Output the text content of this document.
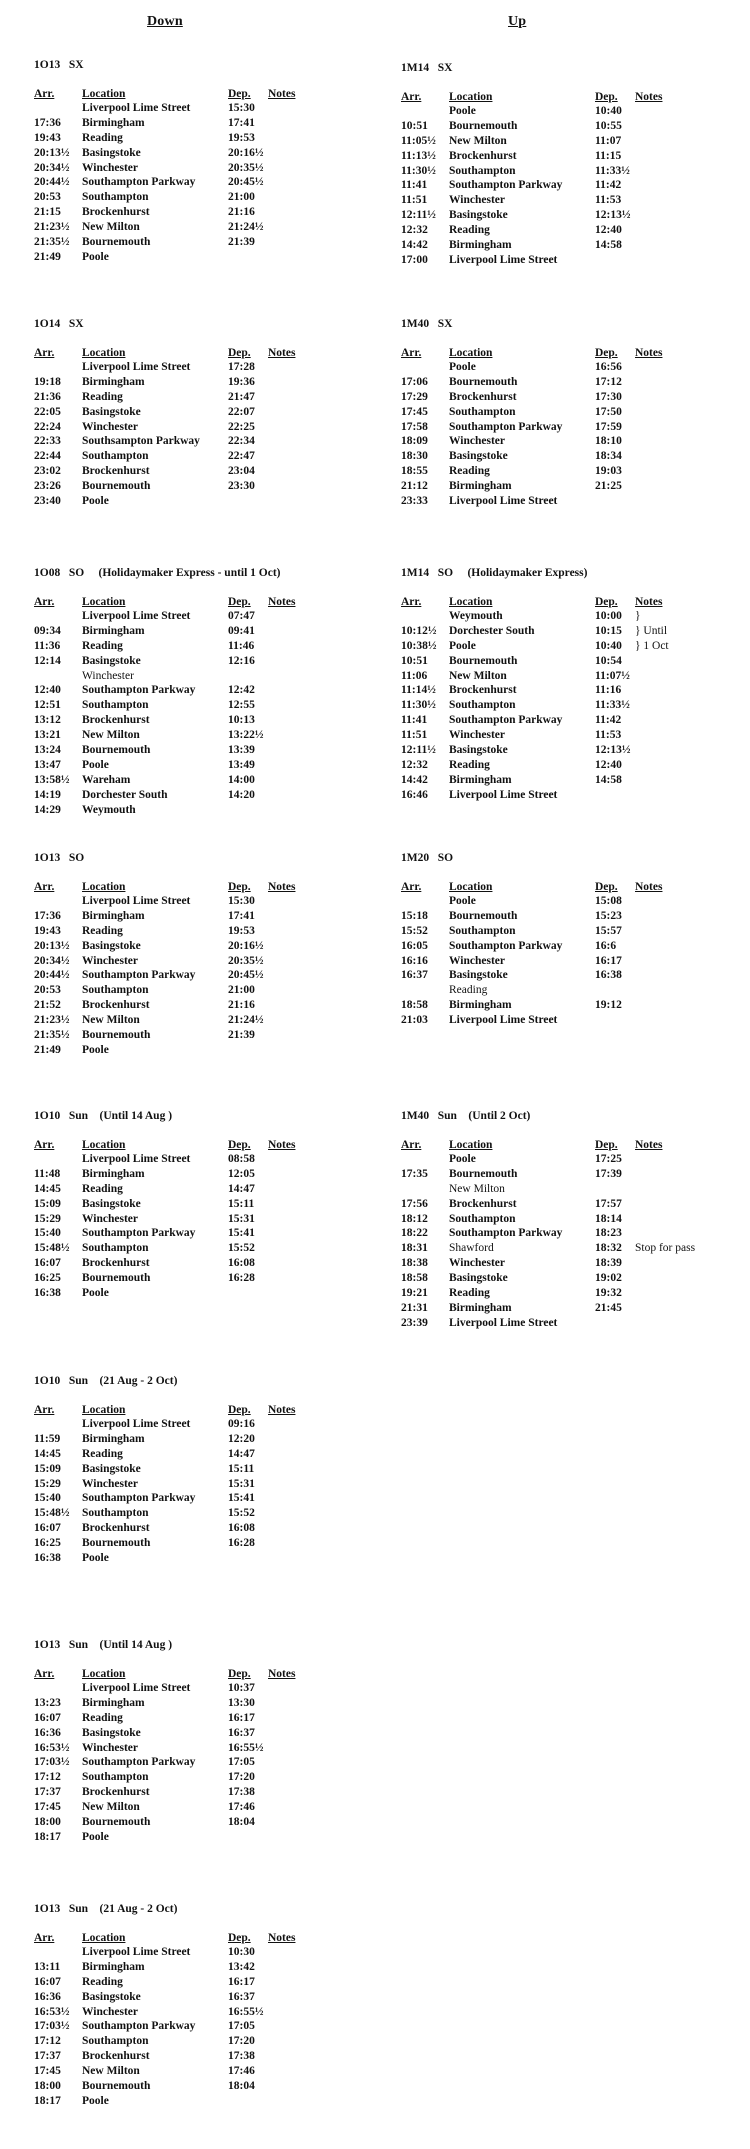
Down	Up
1O13   SX
Arr.	Location	Dep.	Notes
Liverpool Lime Street	15:30
17:36	Birmingham	17:41
19:43	Reading	19:53
20:13½	Basingstoke	20:16½
20:34½	Winchester	20:35½
20:44½	Southampton Parkway	20:45½
20:53	Southampton	21:00
21:15	Brockenhurst	21:16
21:23½	New Milton	21:24½
21:35½	Bournemouth	21:39
21:49	Poole
1O14   SX
Arr.	Location	Dep.	Notes
Liverpool Lime Street	17:28
19:18	Birmingham	19:36
21:36	Reading	21:47
22:05	Basingstoke	22:07
22:24	Winchester	22:25
22:33	Southsampton Parkway	22:34
22:44	Southampton	22:47
23:02	Brockenhurst	23:04
23:26	Bournemouth	23:30
23:40	Poole
1O08   SO     (Holidaymaker Express - until 1 Oct)
Arr.	Location	Dep.	Notes
Liverpool Lime Street	07:47
09:34	Birmingham	09:41
11:36	Reading	11:46
12:14	Basingstoke	12:16
Winchester
12:40	Southampton Parkway	12:42
12:51	Southampton	12:55
13:12	Brockenhurst	10:13
13:21	New Milton	13:22½
13:24	Bournemouth	13:39
13:47	Poole	13:49
13:58½	Wareham	14:00
14:19	Dorchester South	14:20
14:29	Weymouth
1O13   SO
Arr.	Location	Dep.	Notes
Liverpool Lime Street	15:30
17:36	Birmingham	17:41
19:43	Reading	19:53
20:13½	Basingstoke	20:16½
20:34½	Winchester	20:35½
20:44½	Southampton Parkway	20:45½
20:53	Southampton	21:00
21:52	Brockenhurst	21:16
21:23½	New Milton	21:24½
21:35½	Bournemouth	21:39
21:49	Poole
1O10   Sun    (Until 14 Aug )
Arr.	Location	Dep.	Notes
Liverpool Lime Street	08:58
11:48	Birmingham	12:05
14:45	Reading	14:47
15:09	Basingstoke	15:11
15:29	Winchester	15:31
15:40	Southampton Parkway	15:41
15:48½	Southampton	15:52
16:07	Brockenhurst	16:08
16:25	Bournemouth	16:28
16:38	Poole
1O10   Sun    (21 Aug - 2 Oct)
Arr.	Location	Dep.	Notes
Liverpool Lime Street	09:16
11:59	Birmingham	12:20
14:45	Reading	14:47
15:09	Basingstoke	15:11
15:29	Winchester	15:31
15:40	Southampton Parkway	15:41
15:48½	Southampton	15:52
16:07	Brockenhurst	16:08
16:25	Bournemouth	16:28
16:38	Poole
1O13   Sun    (Until 14 Aug )
Arr.	Location	Dep.	Notes
Liverpool Lime Street	10:37
13:23	Birmingham	13:30
16:07	Reading	16:17
16:36	Basingstoke	16:37
16:53½	Winchester	16:55½
17:03½	Southampton Parkway	17:05
17:12	Southampton	17:20
17:37	Brockenhurst	17:38
17:45	New Milton	17:46
18:00	Bournemouth	18:04
18:17	Poole
1O13   Sun    (21 Aug - 2 Oct)
Arr.	Location	Dep.	Notes
Liverpool Lime Street	10:30
13:11	Birmingham	13:42
16:07	Reading	16:17
16:36	Basingstoke	16:37
16:53½	Winchester	16:55½
17:03½	Southampton Parkway	17:05
17:12	Southampton	17:20
17:37	Brockenhurst	17:38
17:45	New Milton	17:46
18:00	Bournemouth	18:04
18:17	Poole
1M14   SX
Arr.	Location	Dep.	Notes
Poole	10:40
10:51	Bournemouth	10:55
11:05½	New Milton	11:07
11:13½	Brockenhurst	11:15
11:30½	Southampton	11:33½
11:41	Southampton Parkway	11:42
11:51	Winchester	11:53
12:11½	Basingstoke	12:13½
12:32	Reading	12:40
14:42	Birmingham	14:58
17:00	Liverpool Lime Street
1M40   SX
Arr.	Location	Dep.	Notes
Poole	16:56
17:06	Bournemouth	17:12
17:29	Brockenhurst	17:30
17:45	Southampton	17:50
17:58	Southampton Parkway	17:59
18:09	Winchester	18:10
18:30	Basingstoke	18:34
18:55	Reading	19:03
21:12	Birmingham	21:25
23:33	Liverpool Lime Street
1M14   SO     (Holidaymaker Express)
Arr.	Location	Dep.	Notes
Weymouth	10:00	}
10:12½	Dorchester South	10:15	} Until
10:38½	Poole	10:40	} 1 Oct
10:51	Bournemouth	10:54
11:06	New Milton	11:07½
11:14½	Brockenhurst	11:16
11:30½	Southampton	11:33½
11:41	Southampton Parkway	11:42
11:51	Winchester	11:53
12:11½	Basingstoke	12:13½
12:32	Reading	12:40
14:42	Birmingham	14:58
16:46	Liverpool Lime Street
1M20   SO
Arr.	Location	Dep.	Notes
Poole	15:08
15:18	Bournemouth	15:23
15:52	Southampton	15:57
16:05	Southampton Parkway	16:6
16:16	Winchester	16:17
16:37	Basingstoke	16:38
Reading
18:58	Birmingham	19:12
21:03	Liverpool Lime Street
1M40   Sun    (Until 2 Oct)
Arr.	Location	Dep.	Notes
Poole	17:25
17:35	Bournemouth	17:39
New Milton
17:56	Brockenhurst	17:57
18:12	Southampton	18:14
18:22	Southampton Parkway	18:23
18:31	Shawford	18:32	Stop for pass
18:38	Winchester	18:39
18:58	Basingstoke	19:02
19:21	Reading	19:32
21:31	Birmingham	21:45
23:39	Liverpool Lime Street
